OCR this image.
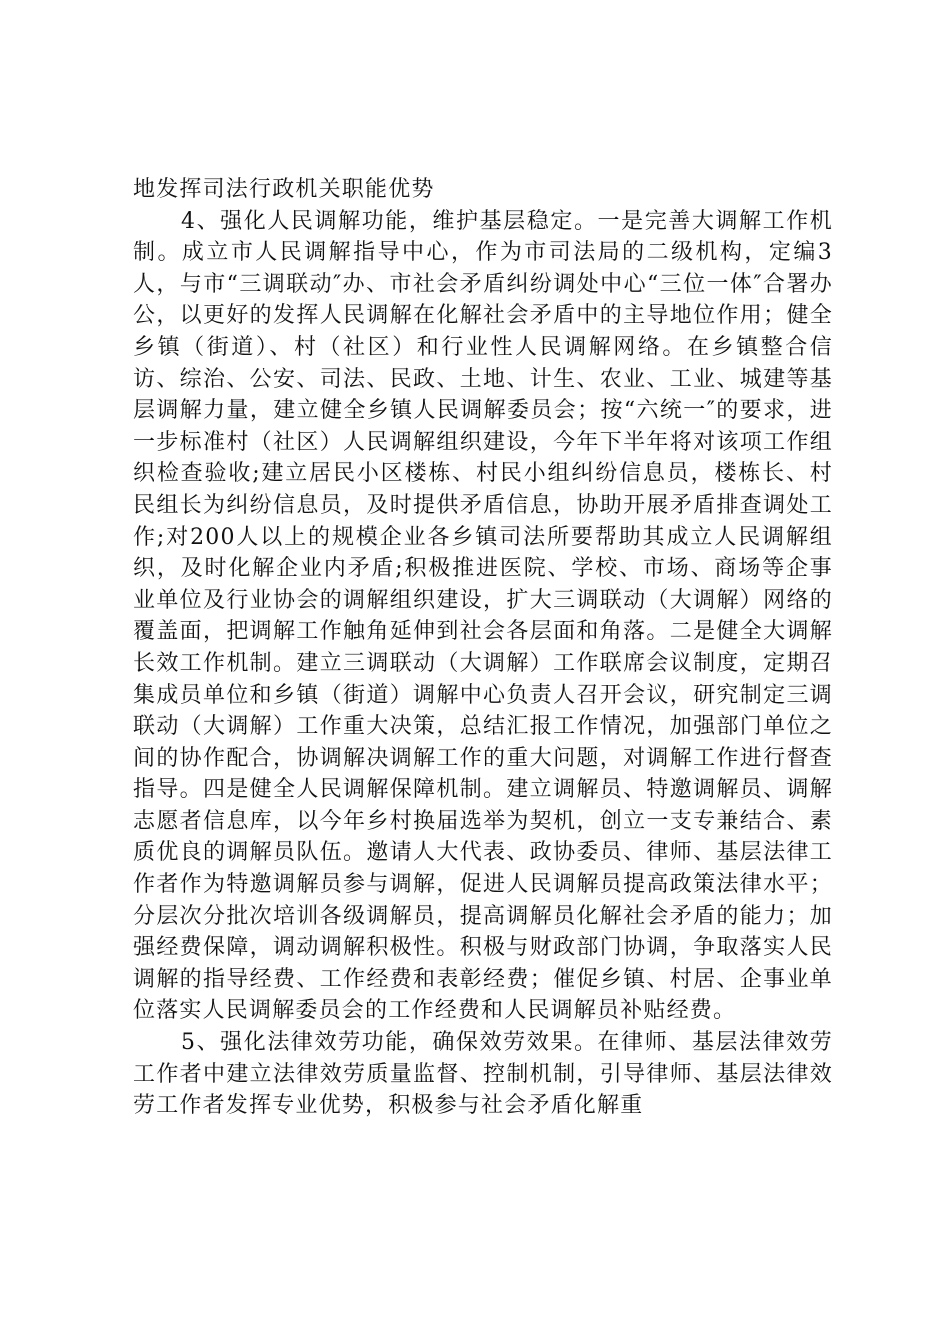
地发挥司法行政机关职能优势

4、强化人民调解功能，维护基层稳定。一是完善大调解工作机制。成立市人民调解指导中心，作为市司法局的二级机构，定编3人，与市“三调联动″办、市社会矛盾纠纷调处中心“三位一体″合署办公，以更好的发挥人民调解在化解社会矛盾中的主导地位作用；健全乡镇（街道）、村（社区）和行业性人民调解网络。在乡镇整合信访、综治、公安、司法、民政、土地、计生、农业、工业、城建等基层调解力量，建立健全乡镇人民调解委员会；按“六统一″的要求，进一步标准村（社区）人民调解组织建设，今年下半年将对该项工作组织检查验收;建立居民小区楼栋、村民小组纠纷信息员，楼栋长、村民组长为纠纷信息员，及时提供矛盾信息，协助开展矛盾排查调处工作;对200人以上的规模企业各乡镇司法所要帮助其成立人民调解组织，及时化解企业内矛盾;积极推进医院、学校、市场、商场等企事业单位及行业协会的调解组织建设，扩大三调联动（大调解）网络的覆盖面，把调解工作触角延伸到社会各层面和角落。二是健全大调解长效工作机制。建立三调联动（大调解）工作联席会议制度，定期召集成员单位和乡镇（街道）调解中心负责人召开会议，研究制定三调联动（大调解）工作重大决策，总结汇报工作情况，加强部门单位之间的协作配合，协调解决调解工作的重大问题，对调解工作进行督查指导。四是健全人民调解保障机制。建立调解员、特邀调解员、调解志愿者信息库，以今年乡村换届选举为契机，创立一支专兼结合、素质优良的调解员队伍。邀请人大代表、政协委员、律师、基层法律工作者作为特邀调解员参与调解，促进人民调解员提高政策法律水平；分层次分批次培训各级调解员，提高调解员化解社会矛盾的能力；加强经费保障，调动调解积极性。积极与财政部门协调，争取落实人民调解的指导经费、工作经费和表彰经费；催促乡镇、村居、企事业单位落实人民调解委员会的工作经费和人民调解员补贴经费。

5、强化法律效劳功能，确保效劳效果。在律师、基层法律效劳工作者中建立法律效劳质量监督、控制机制，引导律师、基层法律效劳工作者发挥专业优势，积极参与社会矛盾化解重
